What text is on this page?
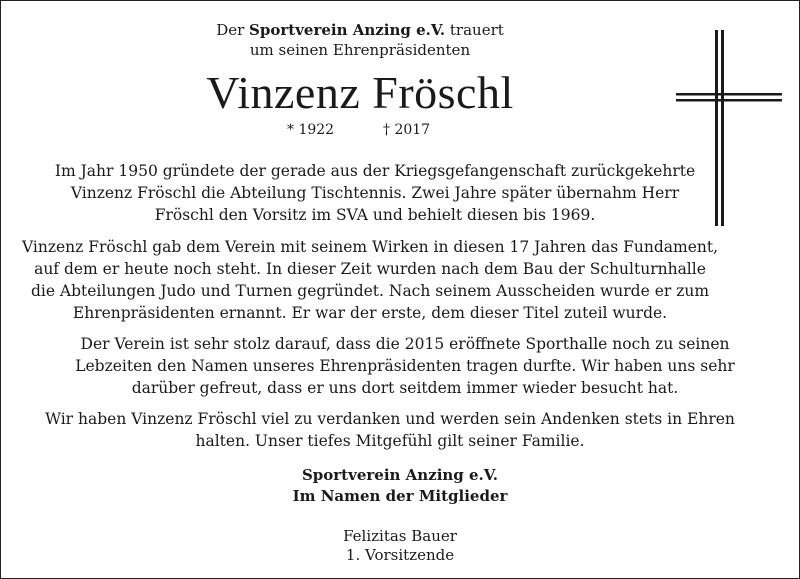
Der Sportverein Anzing e.V. trauert
um seinen Ehrenpräsidenten
Vinzenz Fröschl
* 1922	† 2017
Im Jahr 1950 gründete der gerade aus der Kriegsgefangenschaft zurückgekehrte Vinzenz Fröschl die Abteilung Tischtennis. Zwei Jahre später übernahm Herr Fröschl den Vorsitz im SVA und behielt diesen bis 1969.
Vinzenz Fröschl gab dem Verein mit seinem Wirken in diesen 17 Jahren das Fundament, auf dem er heute noch steht. In dieser Zeit wurden nach dem Bau der Schulturnhalle die Abteilungen Judo und Turnen gegründet. Nach seinem Ausscheiden wurde er zum Ehrenpräsidenten ernannt. Er war der erste, dem dieser Titel zuteil wurde.
Der Verein ist sehr stolz darauf, dass die 2015 eröffnete Sporthalle noch zu seinen Lebzeiten den Namen unseres Ehrenpräsidenten tragen durfte. Wir haben uns sehr darüber gefreut, dass er uns dort seitdem immer wieder besucht hat.
Wir haben Vinzenz Fröschl viel zu verdanken und werden sein Andenken stets in Ehren halten. Unser tiefes Mitgefühl gilt seiner Familie.
Sportverein Anzing e.V.
Im Namen der Mitglieder
Felizitas Bauer
1. Vorsitzende
